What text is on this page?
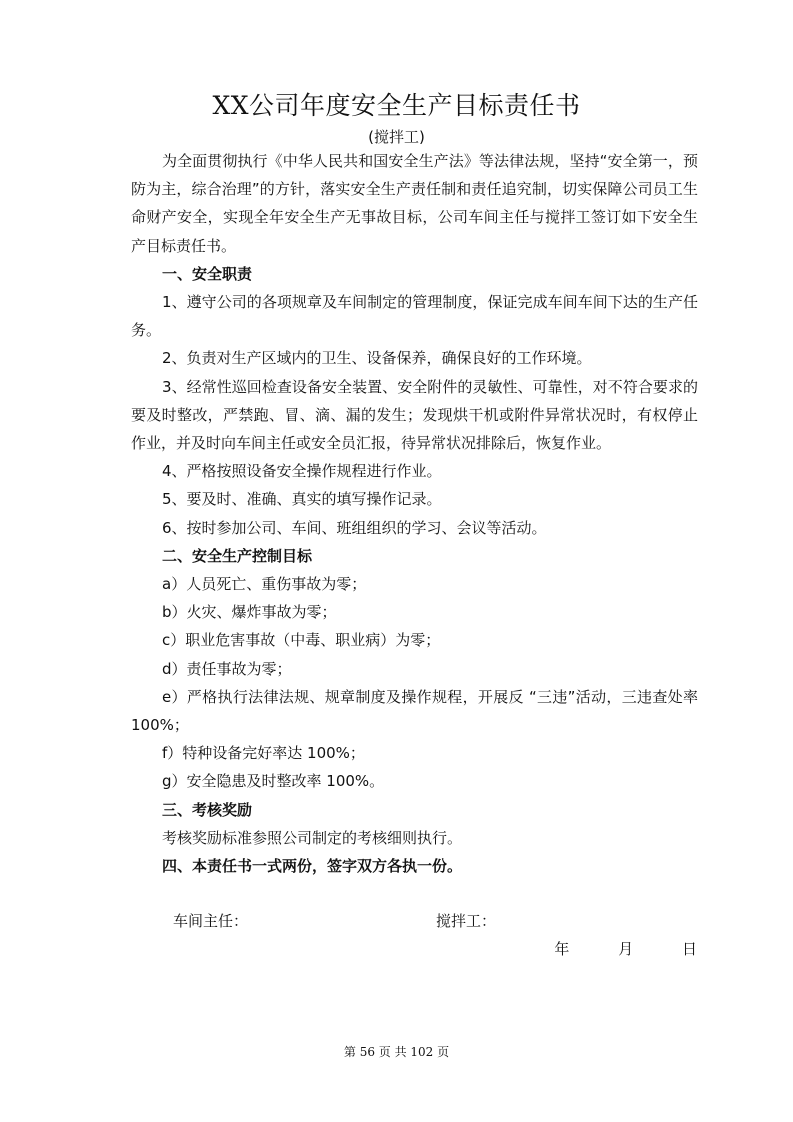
XX公司年度安全生产目标责任书
(搅拌工)

为全面贯彻执行《中华人民共和国安全生产法》等法律法规，坚持“安全第一，预防为主，综合治理”的方针，落实安全生产责任制和责任追究制，切实保障公司员工生命财产安全，实现全年安全生产无事故目标，公司车间主任与搅拌工签订如下安全生产目标责任书。

一、安全职责

1、遵守公司的各项规章及车间制定的管理制度，保证完成车间车间下达的生产任务。

2、负责对生产区域内的卫生、设备保养，确保良好的工作环境。

3、经常性巡回检查设备安全装置、安全附件的灵敏性、可靠性，对不符合要求的要及时整改，严禁跑、冒、滴、漏的发生；发现烘干机或附件异常状况时，有权停止作业，并及时向车间主任或安全员汇报，待异常状况排除后，恢复作业。

4、严格按照设备安全操作规程进行作业。

5、要及时、准确、真实的填写操作记录。

6、按时参加公司、车间、班组组织的学习、会议等活动。

二、安全生产控制目标

a）人员死亡、重伤事故为零；

b）火灾、爆炸事故为零；

c）职业危害事故（中毒、职业病）为零；

d）责任事故为零；

e）严格执行法律法规、规章制度及操作规程，开展反 “三违”活动，三违查处率 100%；

f）特种设备完好率达 100%；

g）安全隐患及时整改率 100%。

三、考核奖励

考核奖励标准参照公司制定的考核细则执行。

四、本责任书一式两份，签字双方各执一份。

车间主任：	搅拌工：
年	月	日
第 56 页 共 102 页
